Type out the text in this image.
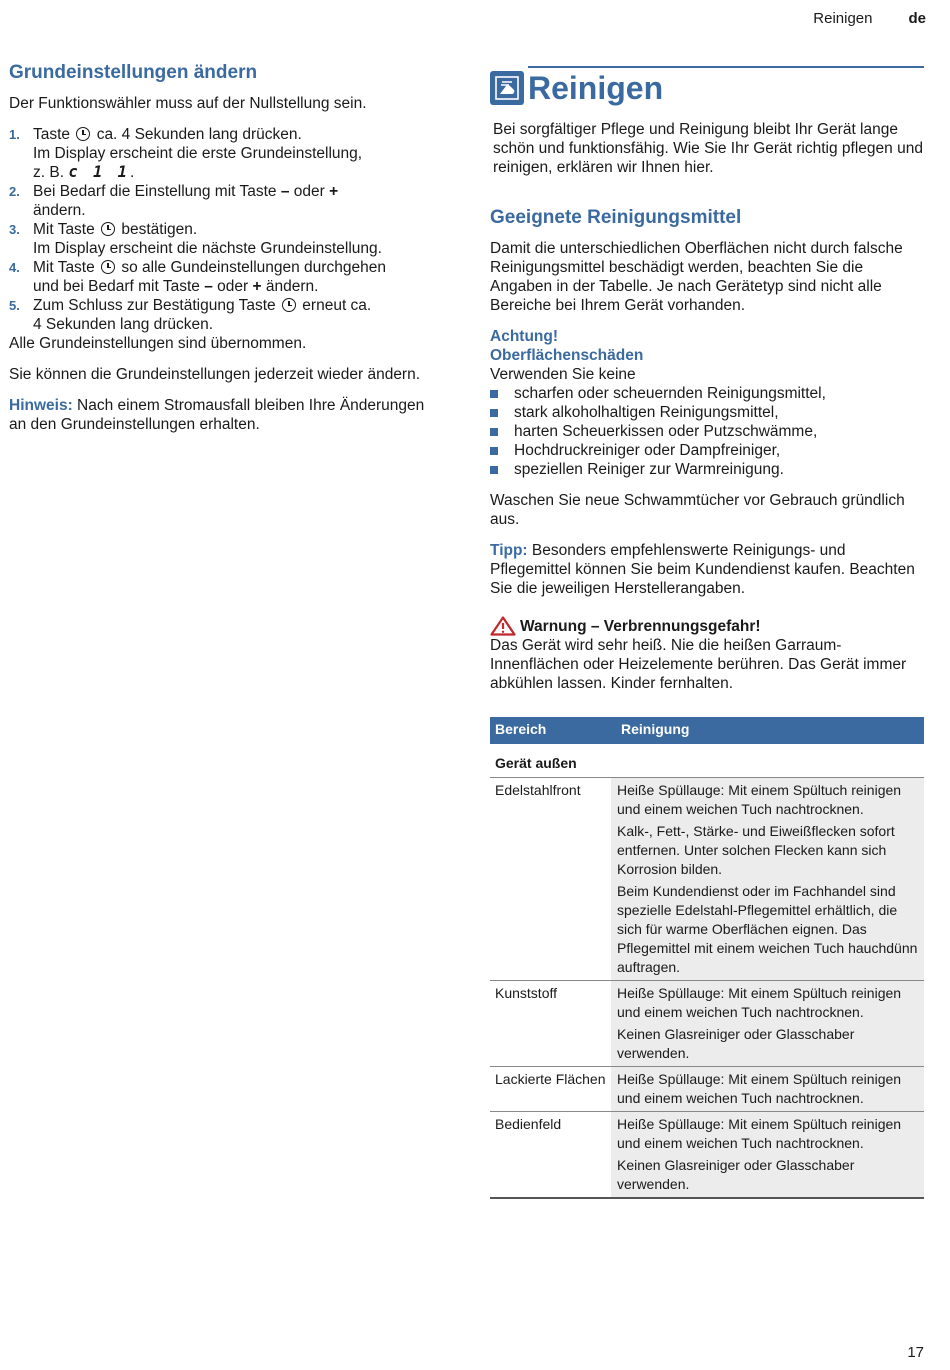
Reinigen de
Grundeinstellungen ändern

Der Funktionswähler muss auf der Nullstellung sein.

1. Taste ca. 4 Sekunden lang drücken.
Im Display erscheint die erste Grundeinstellung,
z. B. c 1 1.
2. Bei Bedarf die Einstellung mit Taste – oder +
ändern.
3. Mit Taste bestätigen.
Im Display erscheint die nächste Grundeinstellung.
4. Mit Taste so alle Gundeinstellungen durchgehen
und bei Bedarf mit Taste – oder + ändern.
5. Zum Schluss zur Bestätigung Taste erneut ca.
4 Sekunden lang drücken.

Alle Grundeinstellungen sind übernommen.

Sie können die Grundeinstellungen jederzeit wieder ändern.

Hinweis: Nach einem Stromausfall bleiben Ihre Änderungen an den Grundeinstellungen erhalten.

Reinigen

Bei sorgfältiger Pflege und Reinigung bleibt Ihr Gerät lange schön und funktionsfähig. Wie Sie Ihr Gerät richtig pflegen und reinigen, erklären wir Ihnen hier.

Geeignete Reinigungsmittel

Damit die unterschiedlichen Oberflächen nicht durch falsche Reinigungsmittel beschädigt werden, beachten Sie die Angaben in der Tabelle. Je nach Gerätetyp sind nicht alle Bereiche bei Ihrem Gerät vorhanden.

Achtung!

Oberflächenschäden

Verwenden Sie keine

scharfen oder scheuernden Reinigungsmittel,
stark alkoholhaltigen Reinigungsmittel,
harten Scheuerkissen oder Putzschwämme,
Hochdruckreiniger oder Dampfreiniger,
speziellen Reiniger zur Warmreinigung.

Waschen Sie neue Schwammtücher vor Gebrauch gründlich aus.

Tipp: Besonders empfehlenswerte Reinigungs- und Pflegemittel können Sie beim Kundendienst kaufen. Beachten Sie die jeweiligen Herstellerangaben.

Warnung – Verbrennungsgefahr!

Das Gerät wird sehr heiß. Nie die heißen Garraum-Innenflächen oder Heizelemente berühren. Das Gerät immer abkühlen lassen. Kinder fernhalten.

Bereich	Reinigung
Gerät außen	
Edelstahlfront	Heiße Spüllauge: Mit einem Spültuch reinigen und einem weichen Tuch nachtrocknen.

Kalk-, Fett-, Stärke- und Eiweißflecken sofort entfernen. Unter solchen Flecken kann sich Korrosion bilden.

Beim Kundendienst oder im Fachhandel sind spezielle Edelstahl-Pflegemittel erhältlich, die sich für warme Oberflächen eignen. Das Pflegemittel mit einem weichen Tuch hauchdünn auftragen.

Kunststoff	Heiße Spüllauge: Mit einem Spültuch reinigen und einem weichen Tuch nachtrocknen.

Keinen Glasreiniger oder Glasschaber verwenden.

Lackierte Flächen	Heiße Spüllauge: Mit einem Spültuch reinigen und einem weichen Tuch nachtrocknen.

Bedienfeld	Heiße Spüllauge: Mit einem Spültuch reinigen und einem weichen Tuch nachtrocknen.

Keinen Glasreiniger oder Glasschaber verwenden.

17
